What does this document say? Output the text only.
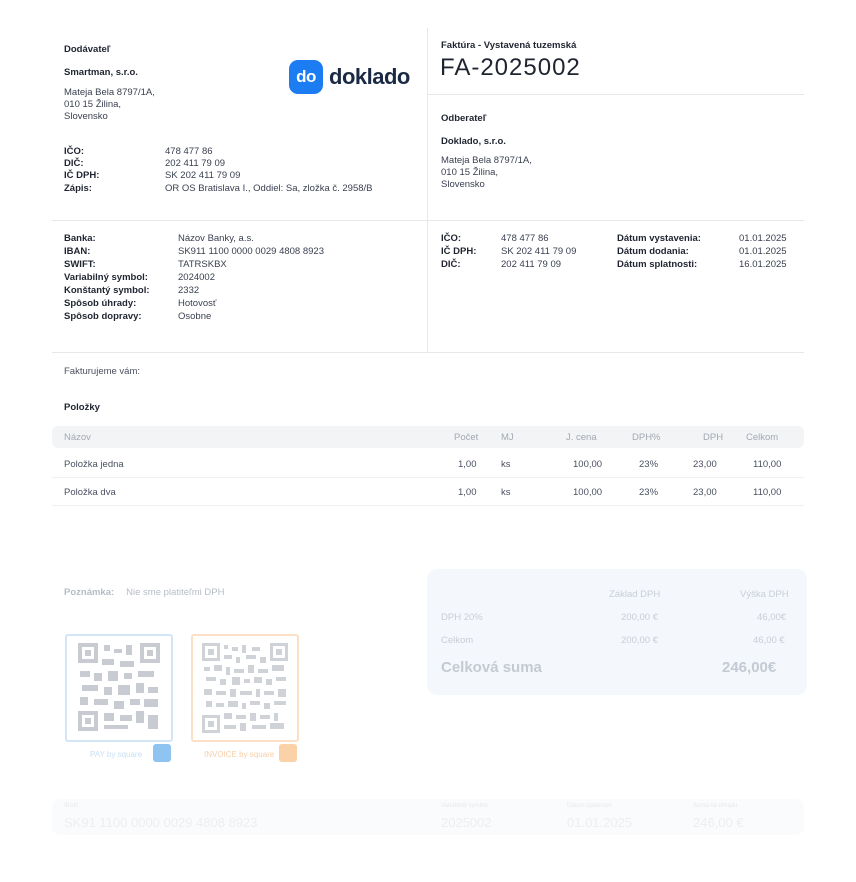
Dodávateľ
Smartman, s.r.o.
Mateja Bela 8797/1A,
010 15 Žilina,
Slovensko
IČO:	478 477 86
DIČ:	202 411 79 09
IČ DPH:	SK 202 411 79 09
Zápis:	OR OS Bratislava I., Oddiel: Sa, zložka č. 2958/B
do doklado
Faktúra - Vystavená tuzemská
FA-2025002
Odberateľ
Doklado, s.r.o.
Mateja Bela 8797/1A,
010 15 Žilina,
Slovensko
Banka:	Názov Banky, a.s.
IBAN:	SK911 1100 0000 0029 4808 8923
SWIFT:	TATRSKBX
Variabilný symbol:	2024002
Konštantý symbol:	2332
Spôsob úhrady:	Hotovosť
Spôsob dopravy:	Osobne
IČO:	478 477 86
IČ DPH:	SK 202 411 79 09
DIČ:	202 411 79 09
Dátum vystavenia:	01.01.2025
Dátum dodania:	01.01.2025
Dátum splatnosti:	16.01.2025
Fakturujeme vám:
Položky
Názov	Počet MJ	J. cena	DPH%	DPH Celkom
Položka jedna	1,00	ks	100,00	23%	23,00	110,00
Položka dva	1,00	ks	100,00	23%	23,00	110,00
Poznámka: Nie sme platiteľmi DPH	Základ DPH	Výška DPH
DPH 20%	200,00 €	46,00€
Celkom	200,00 €	46,00 €
Celková suma	246,00€
PAY by square	INVOICE by square
IBAN
SK91 1100 0000 0029 4808 8923
Variabilný symbol
2025002
Dátum splatnosti
01.01.2025
Suma na úhradu
246,00 €
